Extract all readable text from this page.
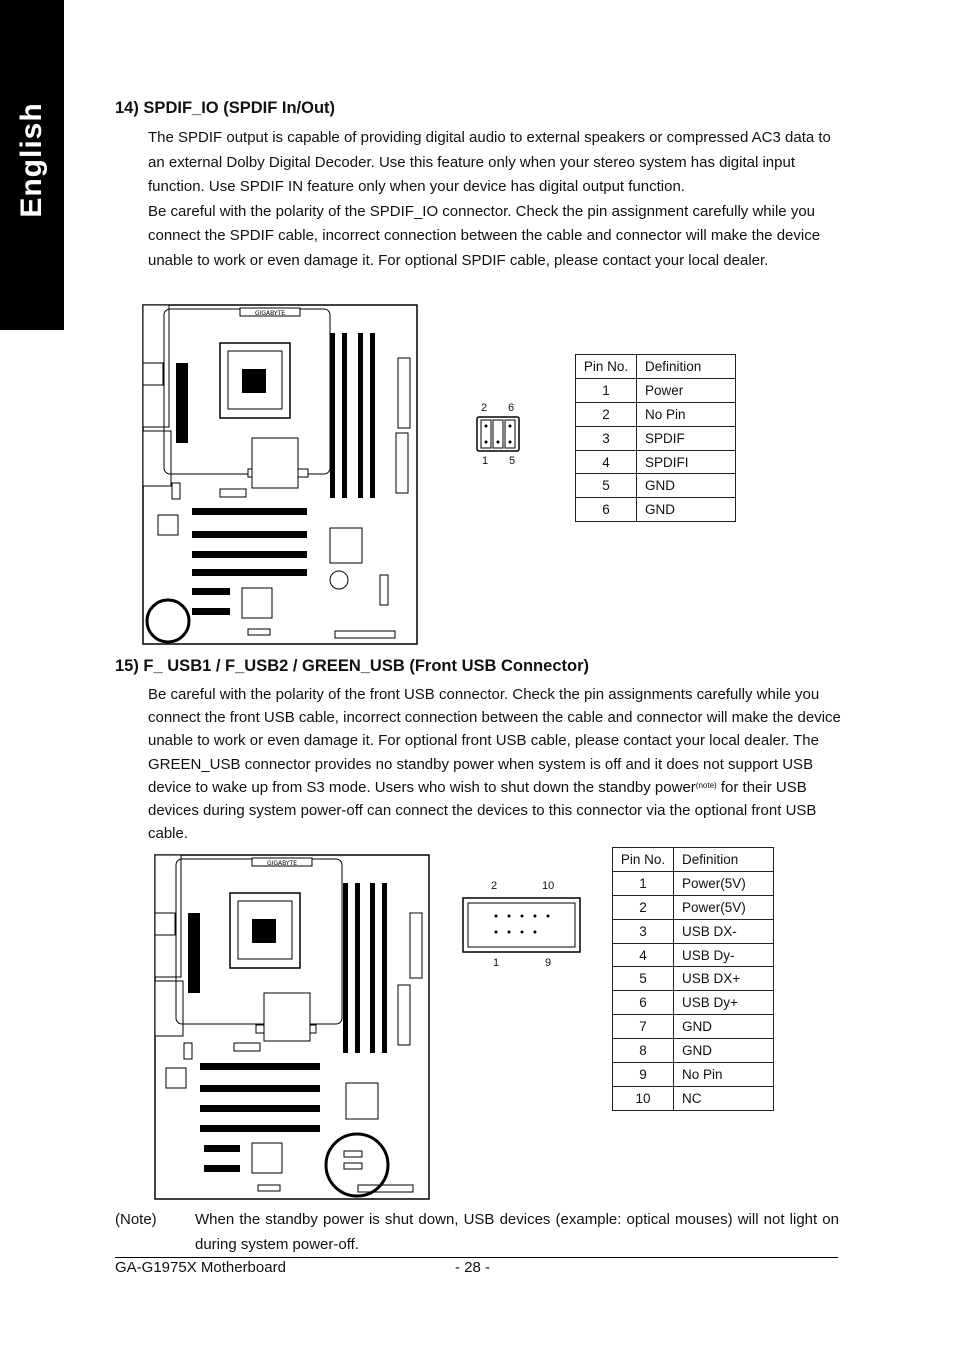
English	14) SPDIF_IO (SPDIF In/Out)

The SPDIF output is capable of providing digital audio to external speakers or compressed AC3 data to an external Dolby Digital Decoder. Use this feature only when your stereo system has digital input function. Use SPDIF IN feature only when your device has digital output function.

Be careful with the polarity of the SPDIF_IO connector. Check the pin assignment carefully while you connect the SPDIF cable, incorrect connection between the cable and connector will make the device unable to work or even damage it. For optional SPDIF cable, please contact your local dealer.

GIGABYTE
2 6
1 5
Pin No.	Definition
1	Power
2	No Pin
3	SPDIF
4	SPDIFI
5	GND
6	GND
15) F_ USB1 / F_USB2 / GREEN_USB (Front USB Connector)

Be careful with the polarity of the front USB connector. Check the pin assignments carefully while you connect the front USB cable, incorrect connection between the cable and connector will make the device unable to work or even damage it. For optional front USB cable, please contact your local dealer. The GREEN_USB connector provides no standby power when system is off and it does not support USB device to wake up from S3 mode. Users who wish to shut down the standby power$^{(note)}$ for their USB devices during system power-off can connect the devices to this connector via the optional front USB cable.

GIGABYTE
2	10
1	9
Pin No.	Definition
1	Power(5V)
2	Power(5V)
3	USB DX-
4	USB Dy-
5	USB DX+
6	USB Dy+
7	GND
8	GND
9	No Pin
10	NC
(Note)	When the standby power is shut down, USB devices (example: optical mouses) will not light on during system power-off.
GA-G1975X Motherboard	- 28 -
